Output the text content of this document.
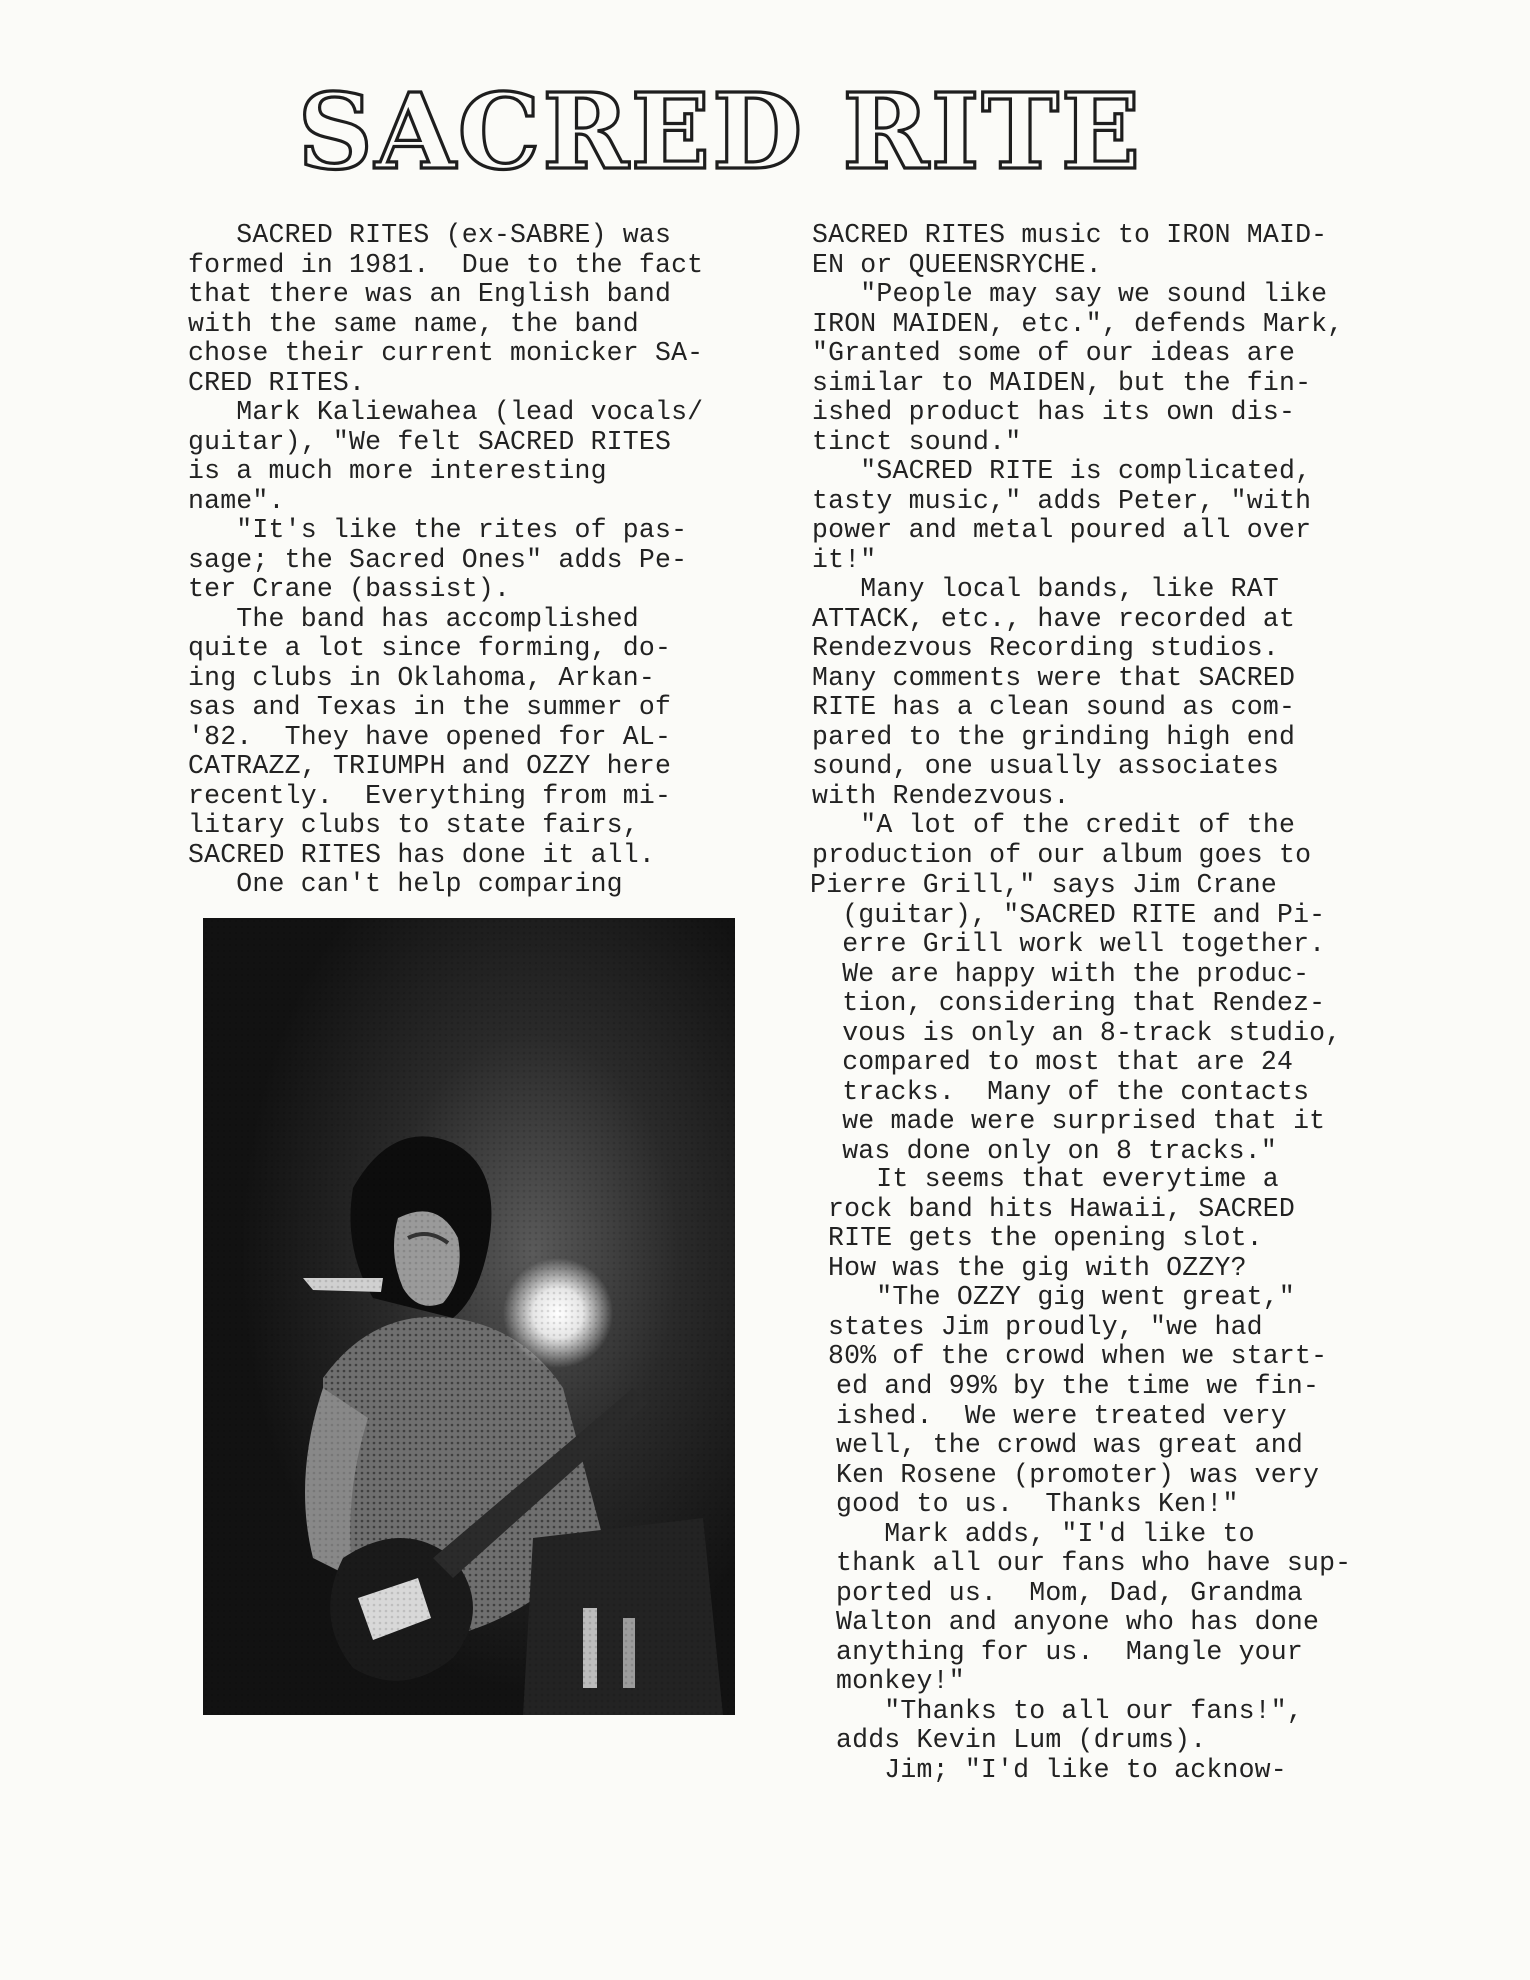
SACRED RITE
SACRED RITES (ex-SABRE) was
formed in 1981.  Due to the fact
that there was an English band
with the same name, the band
chose their current monicker SA-
CRED RITES.
Mark Kaliewahea (lead vocals/
guitar), "We felt SACRED RITES
is a much more interesting
name".
"It's like the rites of pas-
sage; the Sacred Ones" adds Pe-
ter Crane (bassist).
The band has accomplished
quite a lot since forming, do-
ing clubs in Oklahoma, Arkan-
sas and Texas in the summer of
'82.  They have opened for AL-
CATRAZZ, TRIUMPH and OZZY here
recently.  Everything from mi-
litary clubs to state fairs,
SACRED RITES has done it all.
One can't help comparing
SACRED RITES music to IRON MAID-
EN or QUEENSRYCHE.
"People may say we sound like
IRON MAIDEN, etc.", defends Mark,
"Granted some of our ideas are
similar to MAIDEN, but the fin-
ished product has its own dis-
tinct sound."
"SACRED RITE is complicated,
tasty music," adds Peter, "with
power and metal poured all over
it!"
Many local bands, like RAT
ATTACK, etc., have recorded at
Rendezvous Recording studios.
Many comments were that SACRED
RITE has a clean sound as com-
pared to the grinding high end
sound, one usually associates
with Rendezvous.
"A lot of the credit of the
production of our album goes to
Pierre Grill," says Jim Crane
(guitar), "SACRED RITE and Pi-
erre Grill work well together.
We are happy with the produc-
tion, considering that Rendez-
vous is only an 8-track studio,
compared to most that are 24
tracks.  Many of the contacts
we made were surprised that it
was done only on 8 tracks."
It seems that everytime a
rock band hits Hawaii, SACRED
RITE gets the opening slot.
How was the gig with OZZY?
"The OZZY gig went great,"
states Jim proudly, "we had
80% of the crowd when we start-
ed and 99% by the time we fin-
ished.  We were treated very
well, the crowd was great and
Ken Rosene (promoter) was very
good to us.  Thanks Ken!"
Mark adds, "I'd like to
thank all our fans who have sup-
ported us.  Mom, Dad, Grandma
Walton and anyone who has done
anything for us.  Mangle your
monkey!"
"Thanks to all our fans!",
adds Kevin Lum (drums).
Jim; "I'd like to acknow-
